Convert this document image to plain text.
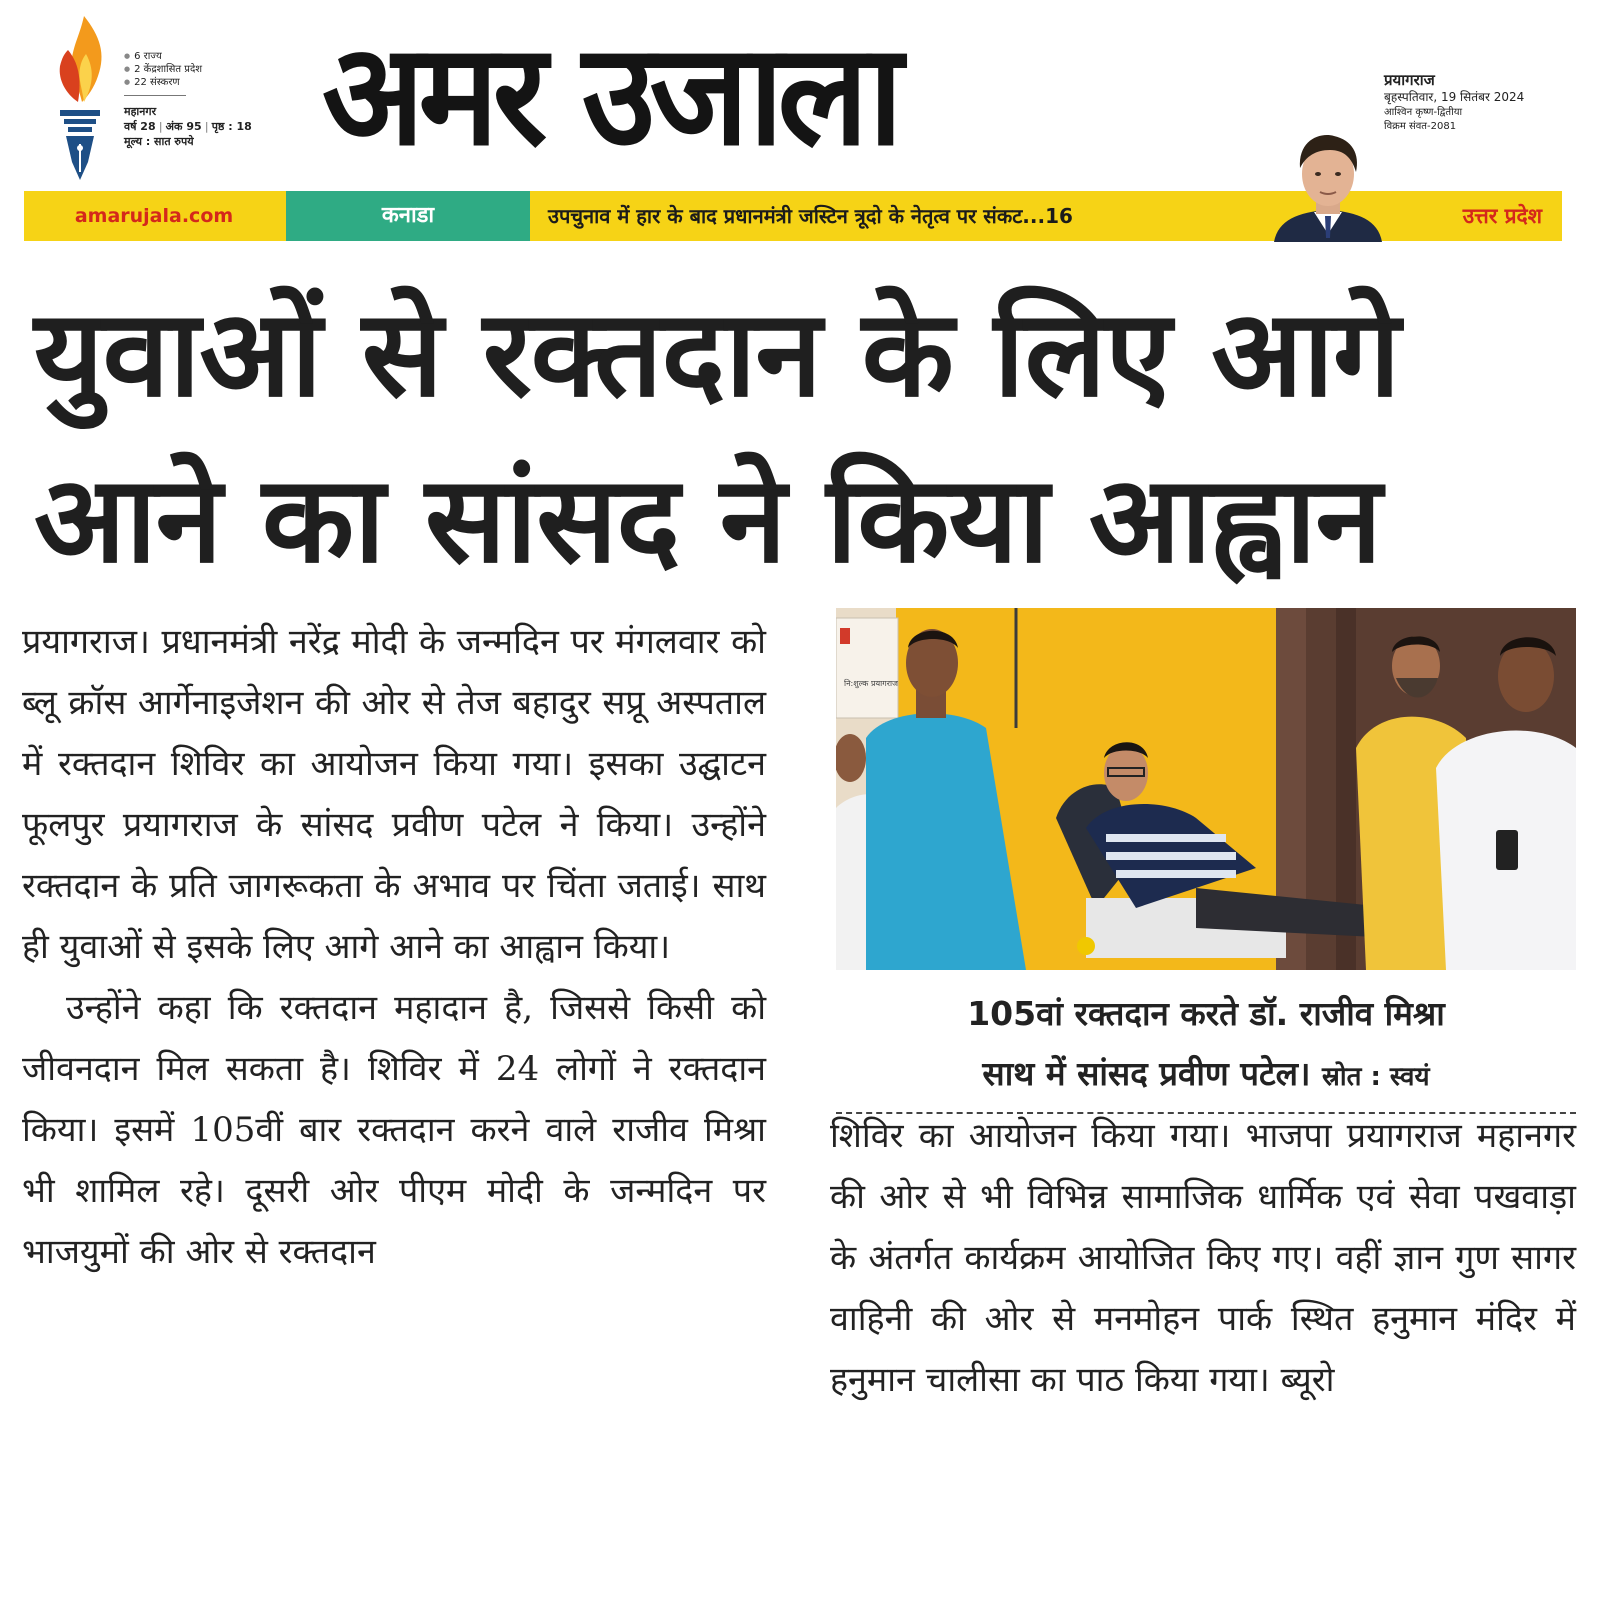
● 6 राज्य
● 2 केंद्रशासित प्रदेश
● 22 संस्करण
महानगर
वर्ष 28 | अंक 95 | पृष्ठ : 18
मूल्य : सात रुपये अमर उजाला	प्रयागराज
बृहस्पतिवार, 19 सितंबर 2024
आश्विन कृष्ण-द्वितीया
विक्रम संवत-2081
amarujala.com	कनाडा	उपचुनाव में हार के बाद प्रधानमंत्री जस्टिन त्रूदो के नेतृत्व पर संकट...16	उत्तर प्रदेश
युवाओं से रक्तदान के लिए आगे
आने का सांसद ने किया आह्वान

प्रयागराज। प्रधानमंत्री नरेंद्र मोदी के जन्मदिन पर मंगलवार को ब्लू क्रॉस आर्गेनाइजेशन की ओर से तेज बहादुर सप्रू अस्पताल में रक्तदान शिविर का आयोजन किया गया। इसका उद्घाटन फूलपुर प्रयागराज के सांसद प्रवीण पटेल ने किया। उन्होंने रक्तदान के प्रति जागरूकता के अभाव पर चिंता जताई। साथ ही युवाओं से इसके लिए आगे आने का आह्वान किया।

उन्होंने कहा कि रक्तदान महादान है, जिससे किसी को जीवनदान मिल सकता है। शिविर में 24 लोगों ने रक्तदान किया। इसमें 105वीं बार रक्तदान करने वाले राजीव मिश्रा भी शामिल रहे। दूसरी ओर पीएम मोदी के जन्मदिन पर भाजयुमों की ओर से रक्तदान

नि:शुल्क प्रयागराज
105वां रक्तदान करते डॉ. राजीव मिश्रा
साथ में सांसद प्रवीण पटेल। स्रोत : स्वयं

शिविर का आयोजन किया गया। भाजपा प्रयागराज महानगर की ओर से भी विभिन्न सामाजिक धार्मिक एवं सेवा पखवाड़ा के अंतर्गत कार्यक्रम आयोजित किए गए। वहीं ज्ञान गुण सागर वाहिनी की ओर से मनमोहन पार्क स्थित हनुमान मंदिर में हनुमान चालीसा का पाठ किया गया। ब्यूरो
